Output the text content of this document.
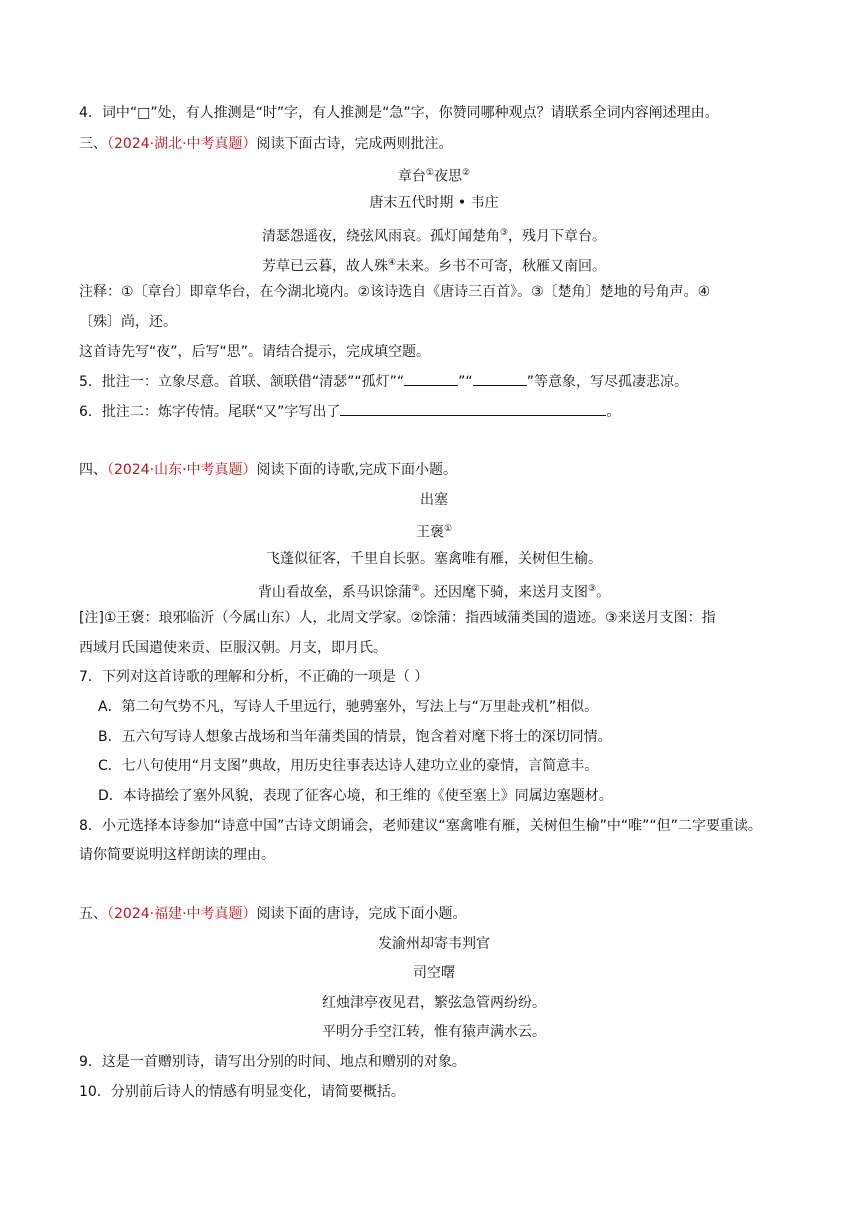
4．词中“□”处，有人推测是“时”字，有人推测是“急”字，你赞同哪种观点？请联系全词内容阐述理由。
三、（2024·湖北·中考真题）阅读下面古诗，完成两则批注。
章台①夜思②
唐末五代时期 • 韦庄
清瑟怨遥夜，绕弦风雨哀。孤灯闻楚角③，残月下章台。
芳草已云暮，故人殊④未来。乡书不可寄，秋雁又南回。
注释：①〔章台〕即章华台，在今湖北境内。②该诗选自《唐诗三百首》。③〔楚角〕楚地的号角声。④
〔殊〕尚，还。
这首诗先写“夜”，后写“思”。请结合提示，完成填空题。
5．批注一：立象尽意。首联、颔联借“清瑟”“孤灯”“	”“	”等意象，写尽孤凄悲凉。
6．批注二：炼字传情。尾联“又”字写出了	。
四、（2024·山东·中考真题）阅读下面的诗歌,完成下面小题。
出塞
王褒①
飞蓬似征客，千里自长驱。塞禽唯有雁，关树但生榆。
背山看故垒，系马识馀蒲②。还因麾下骑，来送月支图③。
[注]①王褒：琅邪临沂（今属山东）人，北周文学家。②馀蒲：指西域蒲类国的遗迹。③来送月支图：指
西域月氏国遣使来贡、臣服汉朝。月支，即月氏。
7．下列对这首诗歌的理解和分析，不正确的一项是（ ）
A．第二句气势不凡，写诗人千里远行，驰骋塞外，写法上与“万里赴戎机”相似。
B．五六句写诗人想象古战场和当年蒲类国的情景，饱含着对麾下将士的深切同情。
C．七八句使用“月支图”典故，用历史往事表达诗人建功立业的豪情，言简意丰。
D．本诗描绘了塞外风貌，表现了征客心境，和王维的《使至塞上》同属边塞题材。
8．小元选择本诗参加“诗意中国”古诗文朗诵会，老师建议“塞禽唯有雁，关树但生榆”中“唯”“但”二字要重读。
请你简要说明这样朗读的理由。
五、（2024·福建·中考真题）阅读下面的唐诗，完成下面小题。
发渝州却寄韦判官
司空曙
红烛津亭夜见君，繁弦急管两纷纷。
平明分手空江转，惟有猿声满水云。
9．这是一首赠别诗，请写出分别的时间、地点和赠别的对象。
10．分别前后诗人的情感有明显变化，请简要概括。
